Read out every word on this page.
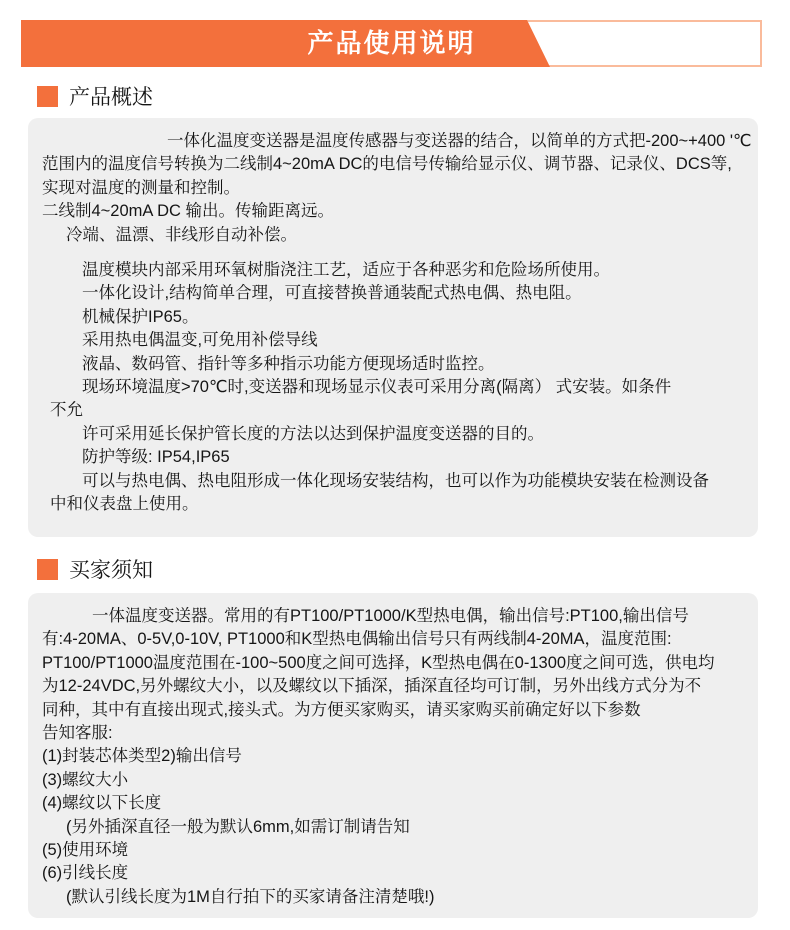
产品使用说明
产品概述
一体化温度变送器是温度传感器与变送器的结合，以简单的方式把-200~+400 '℃
范围内的温度信号转换为二线制4~20mA DC的电信号传输给显示仪、调节器、记录仪、DCS等,
实现对温度的测量和控制。
二线制4~20mA DC 输出。传输距离远。
冷端、温漂、非线形自动补偿。
温度模块内部采用环氧树脂浇注工艺，适应于各种恶劣和危险场所使用。
一体化设计,结构简单合理，可直接替换普通装配式热电偶、热电阻。
机械保护IP65。
采用热电偶温变,可免用补偿导线
液晶、数码管、指针等多种指示功能方便现场适时监控。
现场环境温度>70℃时,变送器和现场显示仪表可采用分离(隔离） 式安装。如条件
不允
许可采用延长保护管长度的方法以达到保护温度变送器的目的。
防护等级: IP54,IP65
可以与热电偶、热电阻形成一体化现场安装结构，也可以作为功能模块安装在检测设备
中和仪表盘上使用。
买家须知
一体温度变送器。常用的有PT100/PT1000/K型热电偶，输出信号:PT100,输出信号
有:4-20MA、0-5V,0-10V, PT1000和K型热电偶输出信号只有两线制4-20MA，温度范围:
PT100/PT1000温度范围在-100~500度之间可选择，K型热电偶在0-1300度之间可选，供电均
为12-24VDC,另外螺纹大小，以及螺纹以下插深，插深直径均可订制，另外出线方式分为不
同种，其中有直接出现式,接头式。为方便买家购买，请买家购买前确定好以下参数
告知客服:
(1)封装芯体类型2)输出信号
(3)螺纹大小
(4)螺纹以下长度
(另外插深直径一般为默认6mm,如需订制请告知
(5)使用环境
(6)引线长度
(默认引线长度为1M自行拍下的买家请备注清楚哦!)
